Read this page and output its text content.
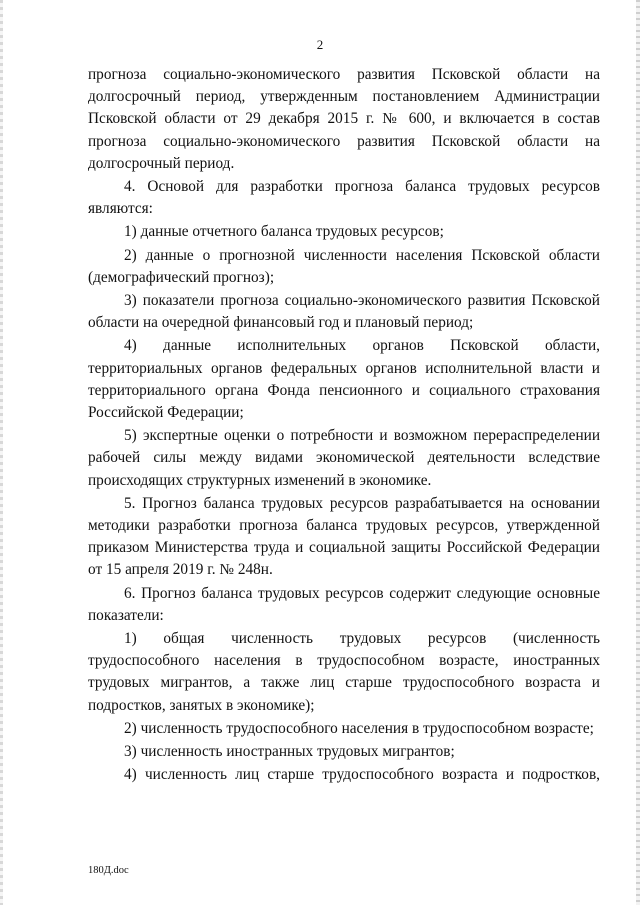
2

прогноза социально-экономического развития Псковской области на долгосрочный период, утвержденным постановлением Администрации Псковской области от 29 декабря 2015 г. № 600, и включается в состав прогноза социально-экономического развития Псковской области на долгосрочный период.

4. Основой для разработки прогноза баланса трудовых ресурсов являются:

1) данные отчетного баланса трудовых ресурсов;

2) данные о прогнозной численности населения Псковской области (демографический прогноз);

3) показатели прогноза социально-экономического развития Псковской области на очередной финансовый год и плановый период;

4) данные исполнительных органов Псковской области, территориальных органов федеральных органов исполнительной власти и территориального органа Фонда пенсионного и социального страхования Российской Федерации;

5) экспертные оценки о потребности и возможном перераспределении рабочей силы между видами экономической деятельности вследствие происходящих структурных изменений в экономике.

5. Прогноз баланса трудовых ресурсов разрабатывается на основании методики разработки прогноза баланса трудовых ресурсов, утвержденной приказом Министерства труда и социальной защиты Российской Федерации от 15 апреля 2019 г. № 248н.

6. Прогноз баланса трудовых ресурсов содержит следующие основные показатели:

1) общая численность трудовых ресурсов (численность трудоспособного населения в трудоспособном возрасте, иностранных трудовых мигрантов, а также лиц старше трудоспособного возраста и подростков, занятых в экономике);

2) численность трудоспособного населения в трудоспособном возрасте;

3) численность иностранных трудовых мигрантов;

4) численность лиц старше трудоспособного возраста и подростков,

180Д.doc
